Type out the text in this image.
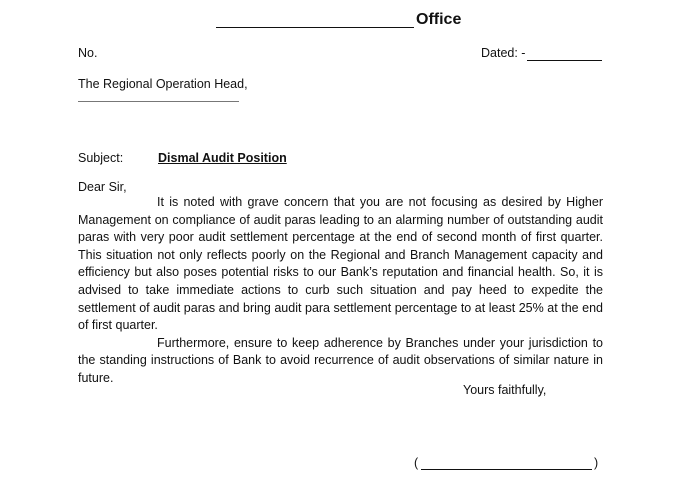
Office
No.	Dated: -
The Regional Operation Head,
Subject:	Dismal Audit Position
Dear Sir,

It is noted with grave concern that you are not focusing as desired by Higher Management on compliance of audit paras leading to an alarming number of outstanding audit paras with very poor audit settlement percentage at the end of second month of first quarter. This situation not only reflects poorly on the Regional and Branch Management capacity and efficiency but also poses potential risks to our Bank’s reputation and financial health. So, it is advised to take immediate actions to curb such situation and pay heed to expedite the settlement of audit paras and bring audit para settlement percentage to at least 25% at the end of first quarter.

Furthermore, ensure to keep adherence by Branches under your jurisdiction to the standing instructions of Bank to avoid recurrence of audit observations of similar nature in future.

Yours faithfully,
(	)
